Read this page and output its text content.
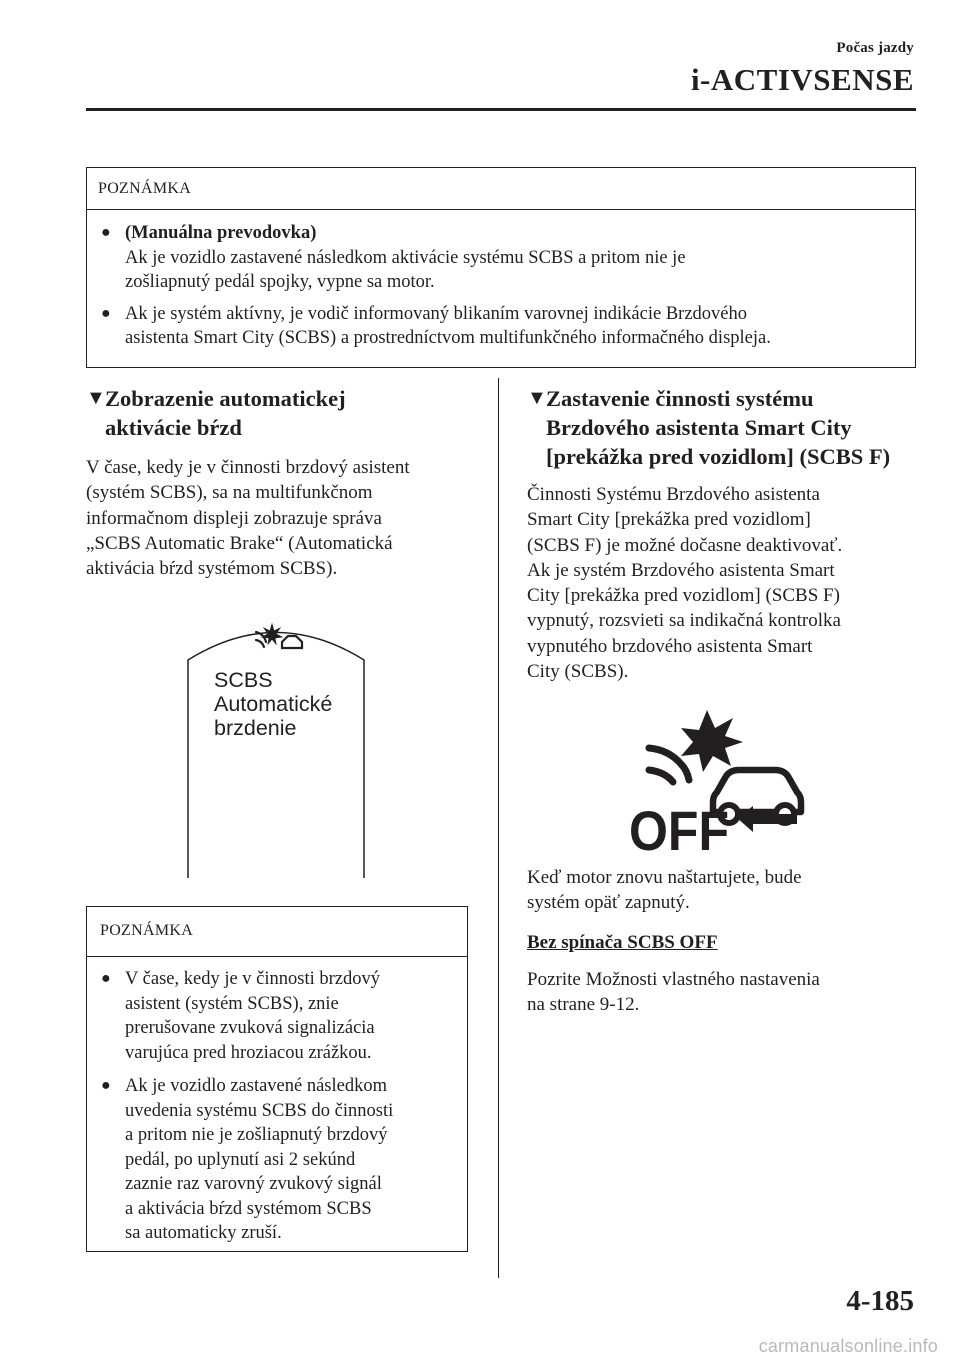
Počas jazdy
i-ACTIVSENSE
POZNÁMKA
● (Manuálna prevodovka)
Ak je vozidlo zastavené následkom aktivácie systému SCBS a pritom nie je
zošliapnutý pedál spojky, vypne sa motor.
● Ak je systém aktívny, je vodič informovaný blikaním varovnej indikácie Brzdového
asistenta Smart City (SCBS) a prostredníctvom multifunkčného informačného displeja.
▼ Zobrazenie automatickej
aktivácie bŕzd
V čase, kedy je v činnosti brzdový asistent
(systém SCBS), sa na multifunkčnom
informačnom displeji zobrazuje správa
„SCBS Automatic Brake“ (Automatická
aktivácia bŕzd systémom SCBS).
SCBS
Automatické
brzdenie
POZNÁMKA
● V čase, kedy je v činnosti brzdový
asistent (systém SCBS), znie
prerušovane zvuková signalizácia
varujúca pred hroziacou zrážkou.
● Ak je vozidlo zastavené následkom
uvedenia systému SCBS do činnosti
a pritom nie je zošliapnutý brzdový
pedál, po uplynutí asi 2 sekúnd
zaznie raz varovný zvukový signál
a aktivácia bŕzd systémom SCBS
sa automaticky zruší.
▼ Zastavenie činnosti systému
Brzdového asistenta Smart City
[prekážka pred vozidlom] (SCBS F)
Činnosti Systému Brzdového asistenta
Smart City [prekážka pred vozidlom]
(SCBS F) je možné dočasne deaktivovať.
Ak je systém Brzdového asistenta Smart
City [prekážka pred vozidlom] (SCBS F)
vypnutý, rozsvieti sa indikačná kontrolka
vypnutého brzdového asistenta Smart
City (SCBS).
OFF
Keď motor znovu naštartujete, bude
systém opäť zapnutý.
Bez spínača SCBS OFF
Pozrite Možnosti vlastného nastavenia
na strane 9-12.
4-185
carmanualsonline.info
